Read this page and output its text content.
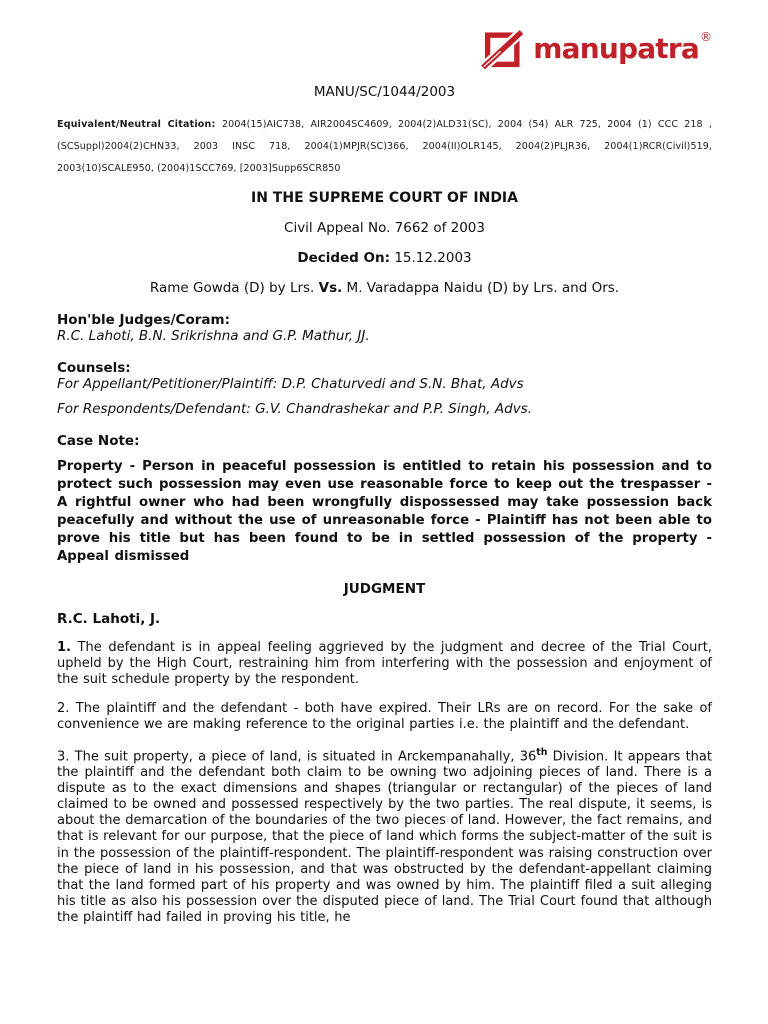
manupatra ®
MANU/SC/1044/2003

Equivalent/Neutral Citation: 2004(15)AIC738, AIR2004SC4609, 2004(2)ALD31(SC), 2004 (54) ALR 725, 2004 (1) CCC 218 , (SCSuppl)2004(2)CHN33, 2003 INSC 718, 2004(1)MPJR(SC)366, 2004(II)OLR145, 2004(2)PLJR36, 2004(1)RCR(Civil)519, 2003(10)SCALE950, (2004)1SCC769, [2003]Supp6SCR850

IN THE SUPREME COURT OF INDIA

Civil Appeal No. 7662 of 2003

Decided On: 15.12.2003

Rame Gowda (D) by Lrs. Vs. M. Varadappa Naidu (D) by Lrs. and Ors.

Hon'ble Judges/Coram:
R.C. Lahoti, B.N. Srikrishna and G.P. Mathur, JJ.
Counsels:
For Appellant/Petitioner/Plaintiff: D.P. Chaturvedi and S.N. Bhat, Advs
For Respondents/Defendant: G.V. Chandrashekar and P.P. Singh, Advs.
Case Note:

Property - Person in peaceful possession is entitled to retain his possession and to protect such possession may even use reasonable force to keep out the trespasser - A rightful owner who had been wrongfully dispossessed may take possession back peacefully and without the use of unreasonable force - Plaintiff has not been able to prove his title but has been found to be in settled possession of the property - Appeal dismissed

JUDGMENT
R.C. Lahoti, J.

1. The defendant is in appeal feeling aggrieved by the judgment and decree of the Trial Court, upheld by the High Court, restraining him from interfering with the possession and enjoyment of the suit schedule property by the respondent.

2. The plaintiff and the defendant - both have expired. Their LRs are on record. For the sake of convenience we are making reference to the original parties i.e. the plaintiff and the defendant.

3. The suit property, a piece of land, is situated in Arckempanahally, 36th Division. It appears that the plaintiff and the defendant both claim to be owning two adjoining pieces of land. There is a dispute as to the exact dimensions and shapes (triangular or rectangular) of the pieces of land claimed to be owned and possessed respectively by the two parties. The real dispute, it seems, is about the demarcation of the boundaries of the two pieces of land. However, the fact remains, and that is relevant for our purpose, that the piece of land which forms the subject-matter of the suit is in the possession of the plaintiff-respondent. The plaintiff-respondent was raising construction over the piece of land in his possession, and that was obstructed by the defendant-appellant claiming that the land formed part of his property and was owned by him. The plaintiff filed a suit alleging his title as also his possession over the disputed piece of land. The Trial Court found that although the plaintiff had failed in proving his title, he
